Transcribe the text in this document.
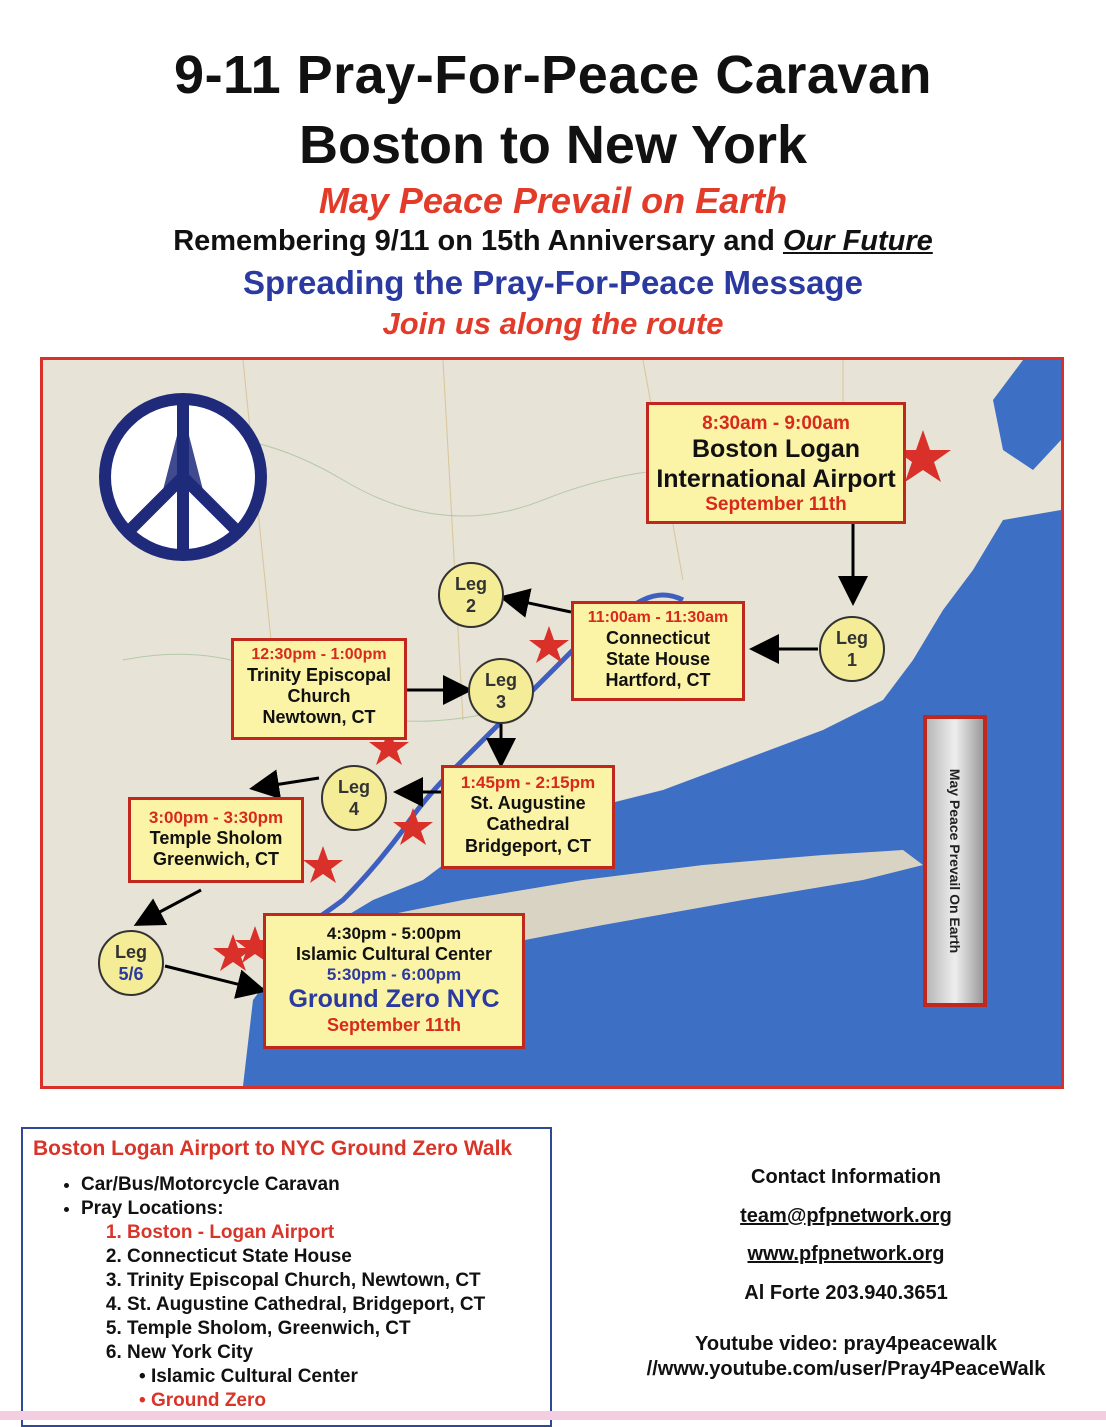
9-11 Pray-For-Peace Caravan
Boston to New York
May Peace Prevail on Earth
Remembering 9/11 on 15th Anniversary and Our Future
Spreading the Pray-For-Peace Message
Join us along the route
8:30am - 9:00am
Boston Logan
International Airport
September 11th
11:00am - 11:30am
Connecticut
State House
Hartford, CT
12:30pm - 1:00pm
Trinity Episcopal
Church
Newtown, CT
1:45pm - 2:15pm
St. Augustine
Cathedral
Bridgeport, CT
3:00pm - 3:30pm
Temple Sholom
Greenwich, CT
4:30pm - 5:00pm
Islamic Cultural Center
5:30pm - 6:00pm
Ground Zero NYC
September 11th
Leg
1
Leg
2
Leg
3
Leg
4
Leg
5/6
May Peace Prevail On Earth
Boston Logan Airport to NYC Ground Zero Walk
• Car/Bus/Motorcycle Caravan
• Pray Locations:
1. Boston - Logan Airport
2. Connecticut State House
3. Trinity Episcopal Church, Newtown, CT
4. St. Augustine Cathedral, Bridgeport, CT
5. Temple Sholom, Greenwich, CT
6. New York City
• Islamic Cultural Center
• Ground Zero
Contact Information
team@pfpnetwork.org
www.pfpnetwork.org
Al Forte 203.940.3651
Youtube video: pray4peacewalk
//www.youtube.com/user/Pray4PeaceWalk
